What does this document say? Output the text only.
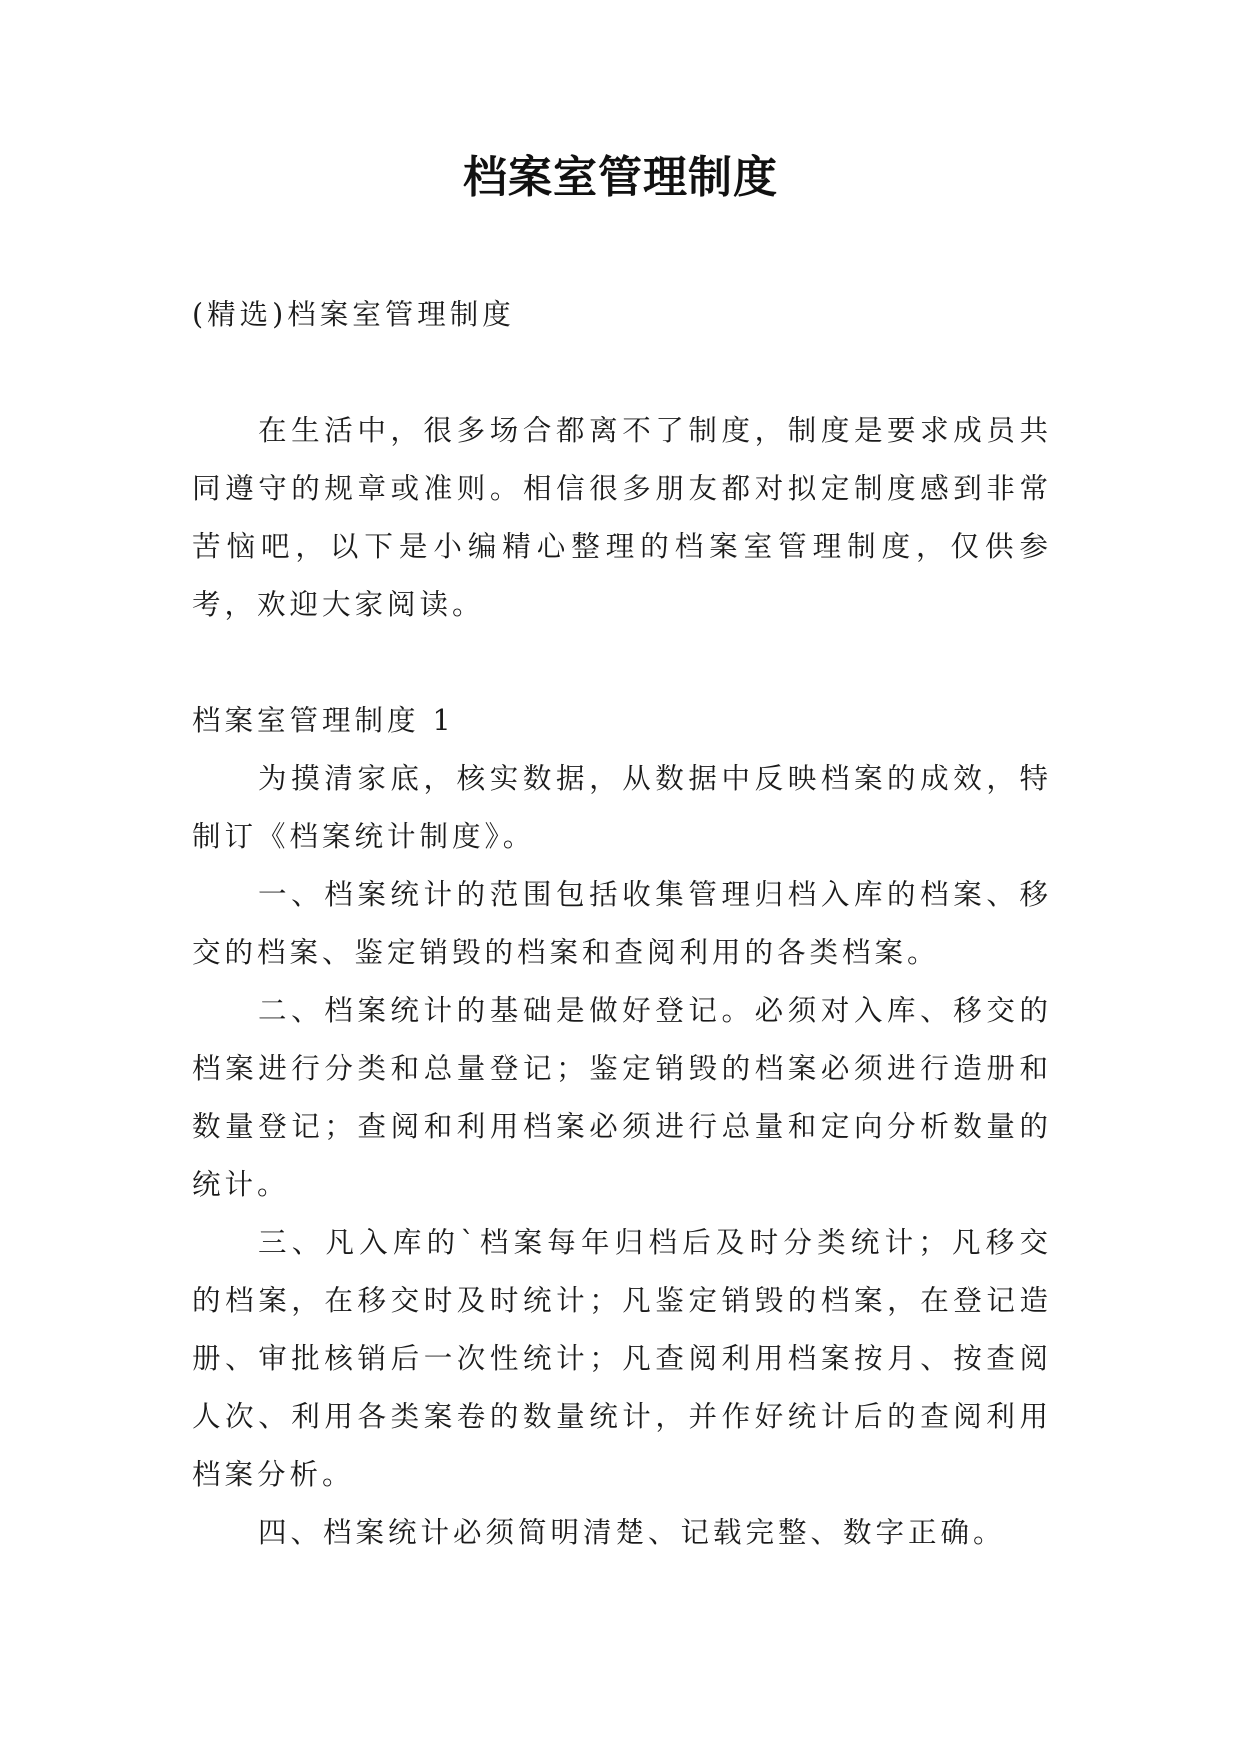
档案室管理制度

(精选)档案室管理制度

在生活中，很多场合都离不了制度，制度是要求成员共同遵守的规章或准则。相信很多朋友都对拟定制度感到非常苦恼吧，以下是小编精心整理的档案室管理制度，仅供参考，欢迎大家阅读。

档案室管理制度 1

为摸清家底，核实数据，从数据中反映档案的成效，特制订《档案统计制度》。

一、档案统计的范围包括收集管理归档入库的档案、移交的档案、鉴定销毁的档案和查阅利用的各类档案。

二、档案统计的基础是做好登记。必须对入库、移交的档案进行分类和总量登记；鉴定销毁的档案必须进行造册和数量登记；查阅和利用档案必须进行总量和定向分析数量的统计。

三、凡入库的`档案每年归档后及时分类统计；凡移交的档案，在移交时及时统计；凡鉴定销毁的档案，在登记造册、审批核销后一次性统计；凡查阅利用档案按月、按查阅人次、利用各类案卷的数量统计，并作好统计后的查阅利用档案分析。

四、档案统计必须简明清楚、记载完整、数字正确。
